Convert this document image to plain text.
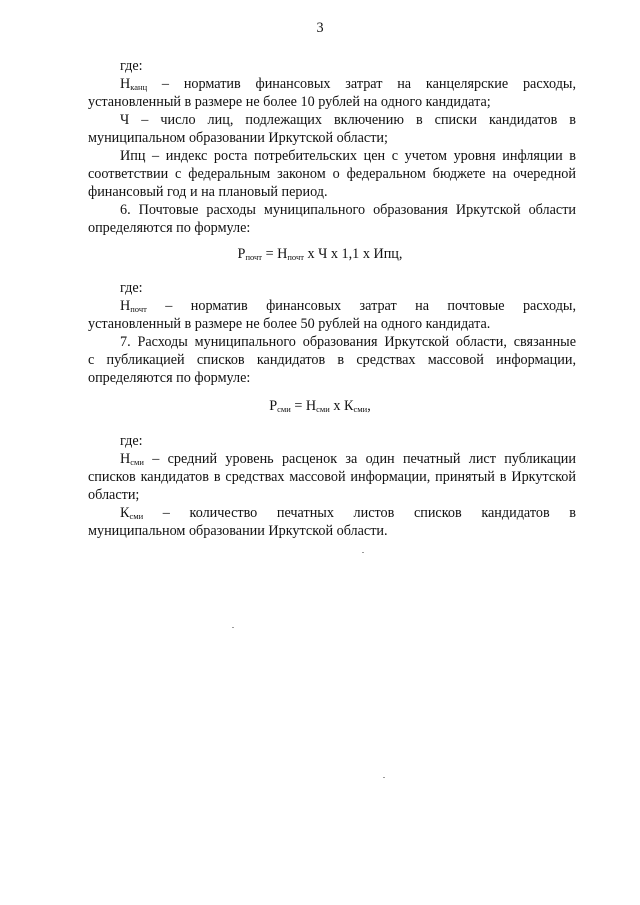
3
где:
Нканц – норматив финансовых затрат на канцелярские расходы,
установленный в размере не более 10 рублей на одного кандидата;
Ч – число лиц, подлежащих включению в списки кандидатов в
муниципальном образовании Иркутской области;
Ипц – индекс роста потребительских цен с учетом уровня инфляции в
соответствии с федеральным законом о федеральном бюджете на очередной
финансовый год и на плановый период.
6. Почтовые расходы муниципального образования Иркутской области
определяются по формуле:
Рпочт = Нпочт х Ч х 1,1 х Ипц,
где:
Нпочт – норматив финансовых затрат на почтовые расходы,
установленный в размере не более 50 рублей на одного кандидата.
7. Расходы муниципального образования Иркутской области, связанные
с публикацией списков кандидатов в средствах массовой информации,
определяются по формуле:
Рсми = Нсми х Ксми,
где:
Нсми – средний уровень расценок за один печатный лист публикации
списков кандидатов в средствах массовой информации, принятый в Иркутской
области;
Ксми – количество печатных листов списков кандидатов в
муниципальном образовании Иркутской области.
